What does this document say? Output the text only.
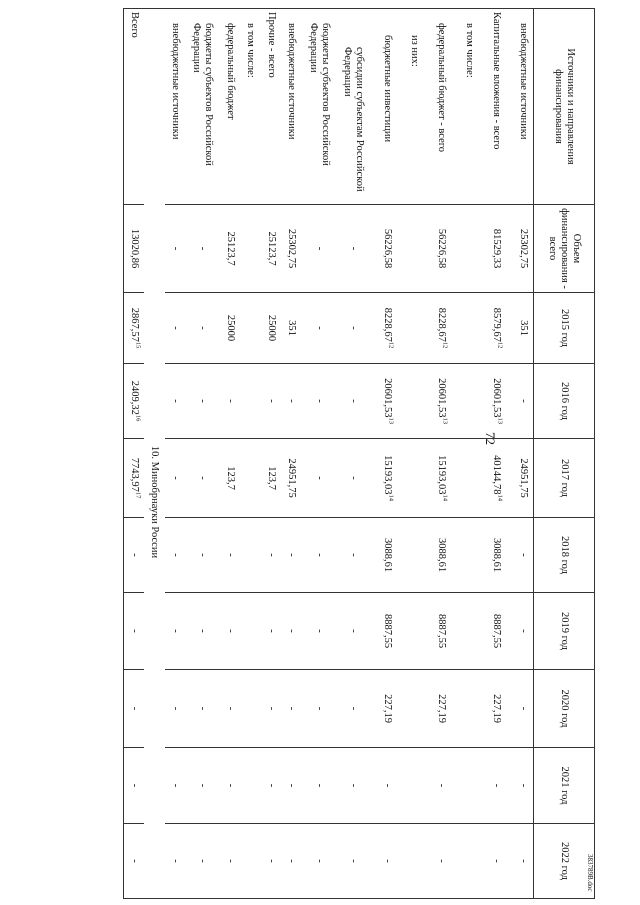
72
383789В.doc
Источники и направления финансирования	Объем финансирования - всего	2015 год	2016 год	2017 год	2018 год	2019 год	2020 год	2021 год	2022 год
внебюджетные источники	25302,75	351	-	24951,75	-	-	-	-	-
Капитальные вложения - всего	81529,33	8579,67$^{12}$	20601,53$^{13}$	40144,78$^{14}$	3088,61	8887,55	227,19	-	-
в том числе:									
федеральный бюджет - всего	56226,58	8228,67$^{12}$	20601,53$^{13}$	15193,03$^{14}$	3088,61	8887,55	227,19	-	-
из них:									
бюджетные инвестиции	56226,58	8228,67$^{12}$	20601,53$^{13}$	15193,03$^{14}$	3088,61	8887,55	227,19	-	-
субсидии субъектам Российской Федерации	-	-	-	-	-	-	-	-	-
бюджеты субъектов Российской Федерации	-	-	-	-	-	-	-	-	-
внебюджетные источники	25302,75	351	-	24951,75	-	-	-	-	-
Прочие - всего	25123,7	25000	-	123,7	-	-	-	-	-
в том числе:									
федеральный бюджет	25123,7	25000	-	123,7	-	-	-	-	-
бюджеты субъектов Российской Федерации	-	-	-	-	-	-	-	-	-
внебюджетные источники	-	-	-	-	-	-	-	-	-
10. Минобрнауки России									
Всего	13020,86	2867,57$^{15}$	2409,32$^{16}$	7743,97$^{17}$	-	-	-	-	-
